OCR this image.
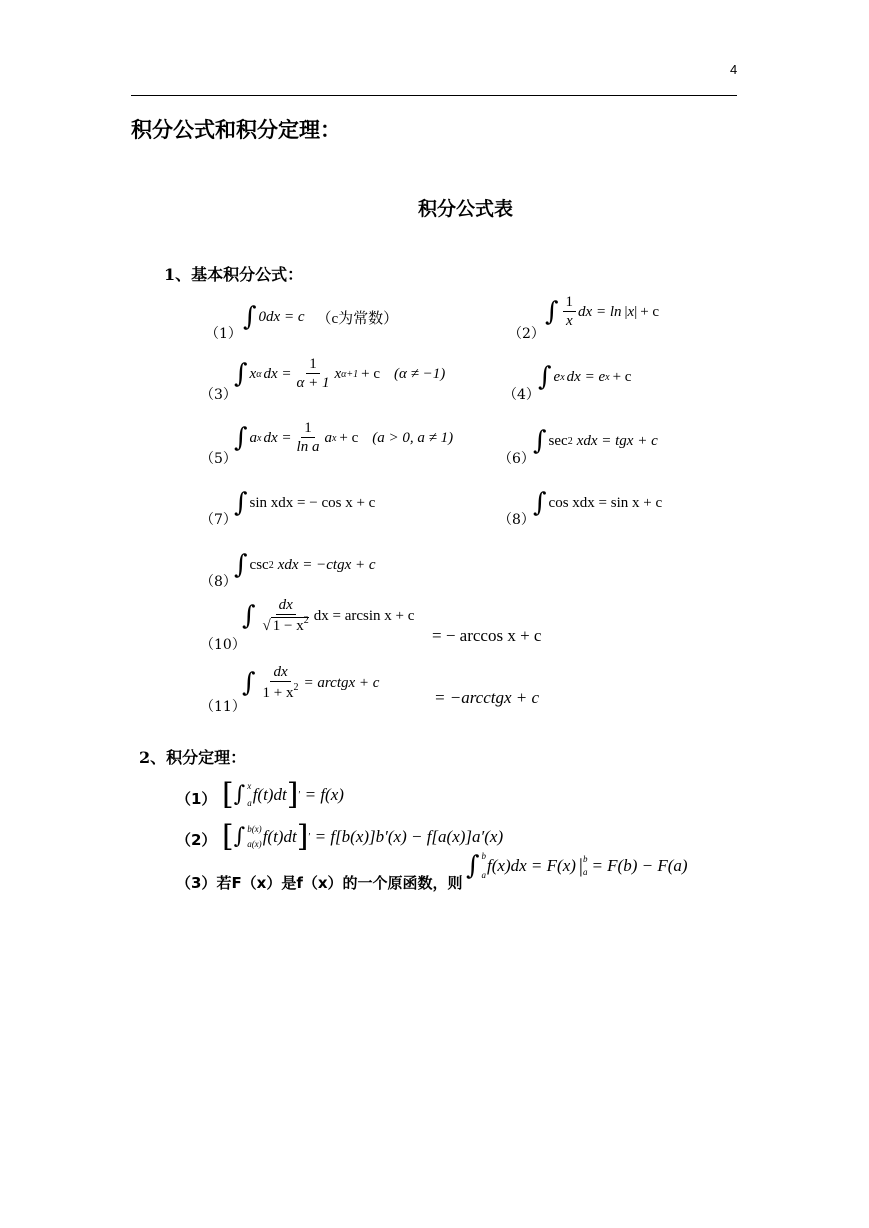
4
积分公式和积分定理：
积分公式表
1、基本积分公式：
（1）
∫ 0dx = c （c为常数）
（2）
∫ $\frac{1}{x}$ dx = ln |x| + c
（3）
∫ x α dx = $\frac{1}{\alpha + 1}$ x α+1 + c (α ≠ −1)
（4）
∫ e x dx = e x + c
（5）
∫ a x dx = $\frac{1}{\text{ln a}}$ a x + c (a > 0, a ≠ 1)
（6）
∫ sec 2 xdx = tgx + c
（7）
∫ sin xdx = − cos x + c
（8）
∫ cos xdx = sin x + c
（8）
∫ csc 2 xdx = −ctgx + c
（10）
∫ $\frac{dx}{√ 1 - x^2}$ dx = arcsin x + c
= − arccos x + c
（11）
∫ $\frac{dx}{1 + x^2}$ = arctgx + c
= −arcctgx + c
2、积分定理：
（1） [ ∫ x
a f(t)dt ] ′ = f(x)
（2） [ ∫ b(x)
a(x) f(t)dt ] ′ = f[b(x)]b′(x) − f[a(x)]a′(x)
（3）若F（x）是f（x）的一个原函数，则
∫ b
a f(x)dx = F(x) | b
a = F(b) − F(a)
